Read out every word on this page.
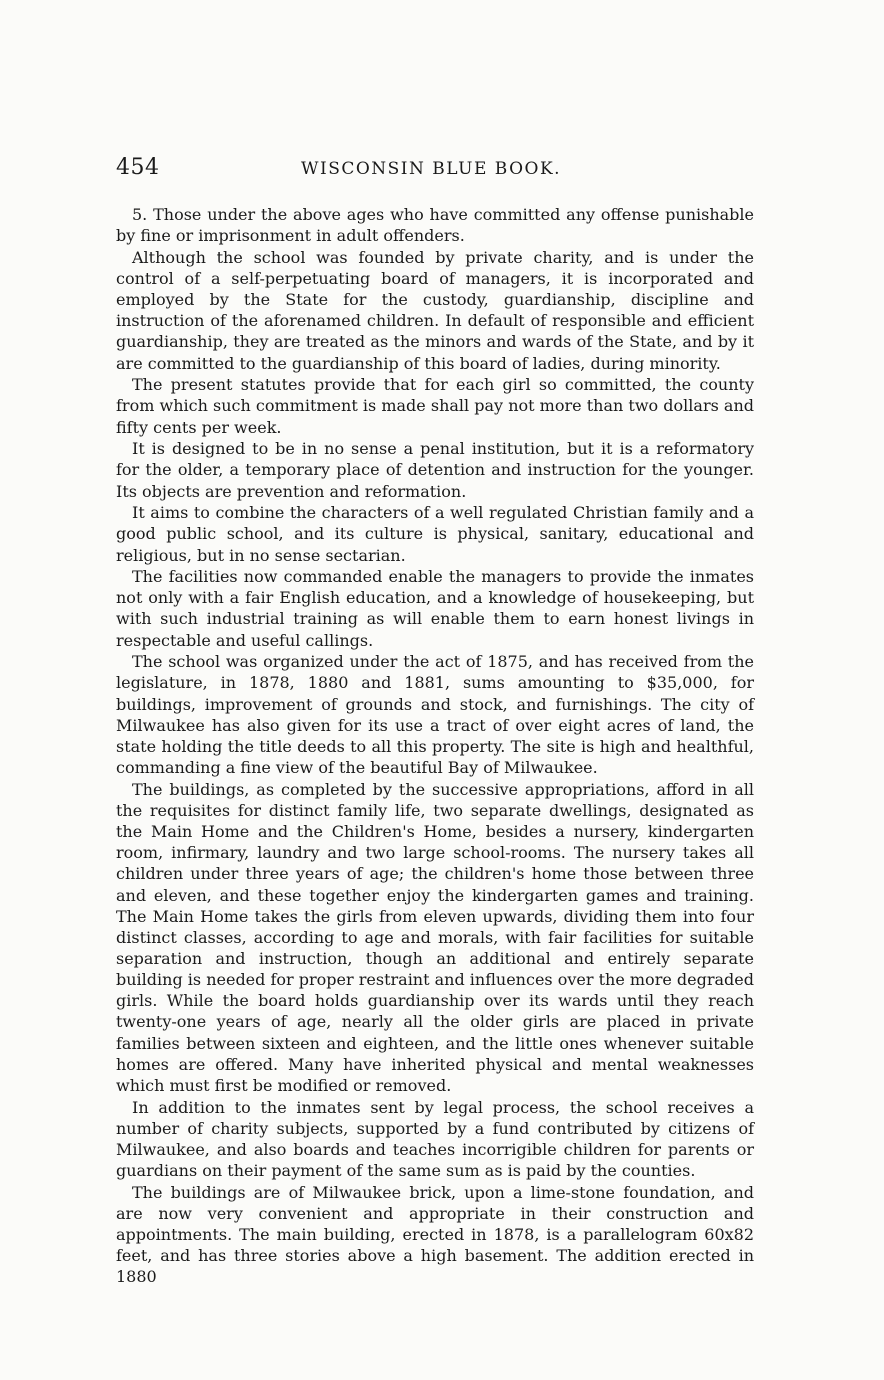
454	WISCONSIN BLUE BOOK.

5. Those under the above ages who have committed any offense punishable by fine or imprisonment in adult offenders.

Although the school was founded by private charity, and is under the control of a self-perpetuating board of managers, it is incorporated and employed by the State for the custody, guardianship, discipline and instruction of the aforenamed children. In default of responsible and efficient guardianship, they are treated as the minors and wards of the State, and by it are committed to the guardianship of this board of ladies, during minority.

The present statutes provide that for each girl so committed, the county from which such commitment is made shall pay not more than two dollars and fifty cents per week.

It is designed to be in no sense a penal institution, but it is a reformatory for the older, a temporary place of detention and instruction for the younger. Its objects are prevention and reformation.

It aims to combine the characters of a well regulated Christian family and a good public school, and its culture is physical, sanitary, educational and religious, but in no sense sectarian.

The facilities now commanded enable the managers to provide the inmates not only with a fair English education, and a knowledge of housekeeping, but with such industrial training as will enable them to earn honest livings in respectable and useful callings.

The school was organized under the act of 1875, and has received from the legislature, in 1878, 1880 and 1881, sums amounting to $35,000, for buildings, improvement of grounds and stock, and furnishings. The city of Milwaukee has also given for its use a tract of over eight acres of land, the state holding the title deeds to all this property. The site is high and healthful, commanding a fine view of the beautiful Bay of Milwaukee.

The buildings, as completed by the successive appropriations, afford in all the requisites for distinct family life, two separate dwellings, designated as the Main Home and the Children's Home, besides a nursery, kindergarten room, infirmary, laundry and two large school-rooms. The nursery takes all children under three years of age; the children's home those between three and eleven, and these together enjoy the kindergarten games and training. The Main Home takes the girls from eleven upwards, dividing them into four distinct classes, according to age and morals, with fair facilities for suitable separation and instruction, though an additional and entirely separate building is needed for proper restraint and influences over the more degraded girls. While the board holds guardianship over its wards until they reach twenty-one years of age, nearly all the older girls are placed in private families between sixteen and eighteen, and the little ones whenever suitable homes are offered. Many have inherited physical and mental weaknesses which must first be modified or removed.

In addition to the inmates sent by legal process, the school receives a number of charity subjects, supported by a fund contributed by citizens of Milwaukee, and also boards and teaches incorrigible children for parents or guardians on their payment of the same sum as is paid by the counties.

The buildings are of Milwaukee brick, upon a lime-stone foundation, and are now very convenient and appropriate in their construction and appointments. The main building, erected in 1878, is a parallelogram 60x82 feet, and has three stories above a high basement. The addition erected in 1880
